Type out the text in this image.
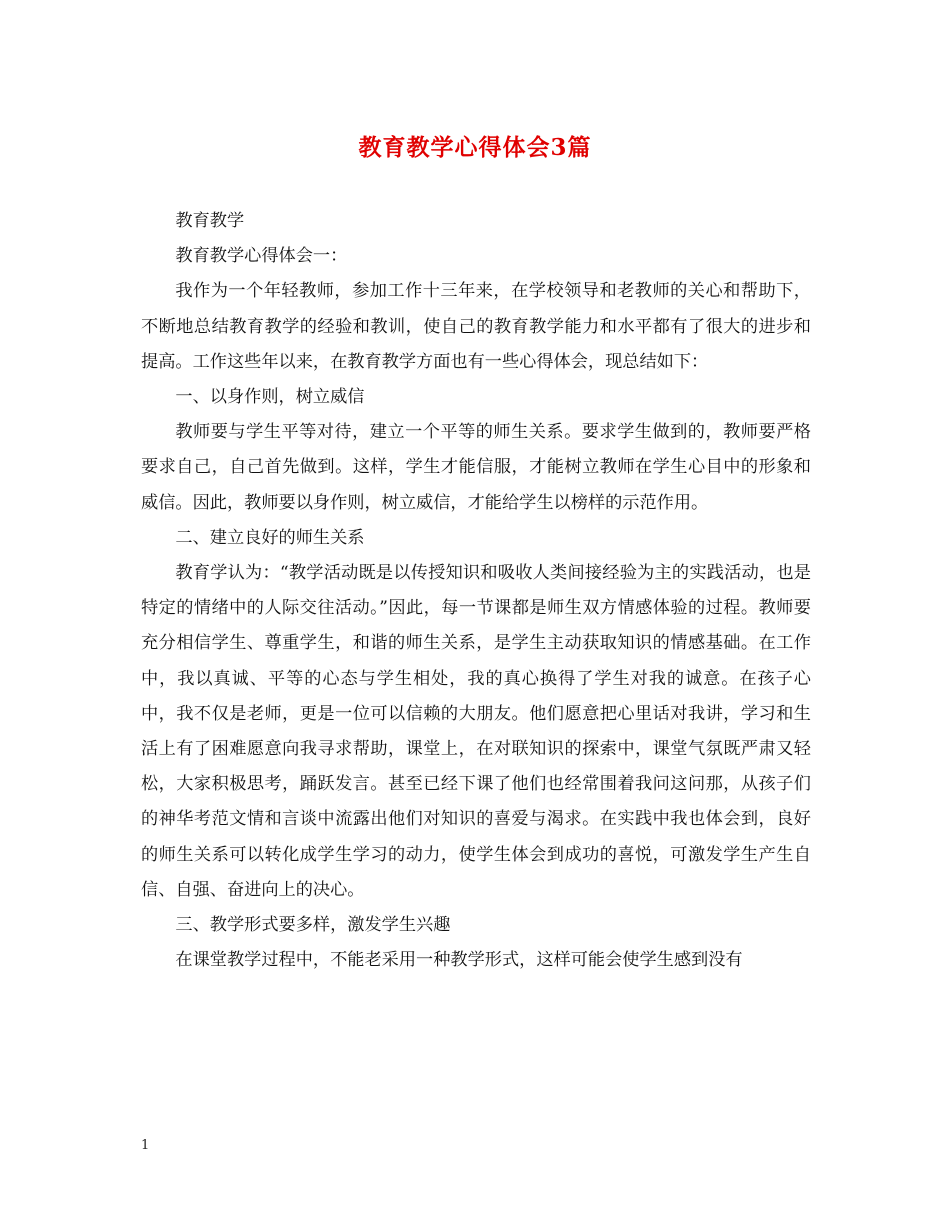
教育教学心得体会3篇

教育教学

教育教学心得体会一：

我作为一个年轻教师，参加工作十三年来，在学校领导和老教师的关心和帮助下，不断地总结教育教学的经验和教训，使自己的教育教学能力和水平都有了很大的进步和提高。工作这些年以来，在教育教学方面也有一些心得体会，现总结如下：

一、以身作则，树立威信

教师要与学生平等对待，建立一个平等的师生关系。要求学生做到的，教师要严格要求自己，自己首先做到。这样，学生才能信服，才能树立教师在学生心目中的形象和威信。因此，教师要以身作则，树立威信，才能给学生以榜样的示范作用。

二、建立良好的师生关系

教育学认为：“教学活动既是以传授知识和吸收人类间接经验为主的实践活动，也是特定的情绪中的人际交往活动。”因此，每一节课都是师生双方情感体验的过程。教师要充分相信学生、尊重学生，和谐的师生关系，是学生主动获取知识的情感基础。在工作中，我以真诚、平等的心态与学生相处，我的真心换得了学生对我的诚意。在孩子心中，我不仅是老师，更是一位可以信赖的大朋友。他们愿意把心里话对我讲，学习和生活上有了困难愿意向我寻求帮助，课堂上，在对联知识的探索中，课堂气氛既严肃又轻松，大家积极思考，踊跃发言。甚至已经下课了他们也经常围着我问这问那，从孩子们的神华考范文情和言谈中流露出他们对知识的喜爱与渴求。在实践中我也体会到，良好的师生关系可以转化成学生学习的动力，使学生体会到成功的喜悦，可激发学生产生自信、自强、奋进向上的决心。

三、教学形式要多样，激发学生兴趣

在课堂教学过程中，不能老采用一种教学形式，这样可能会使学生感到没有

1
